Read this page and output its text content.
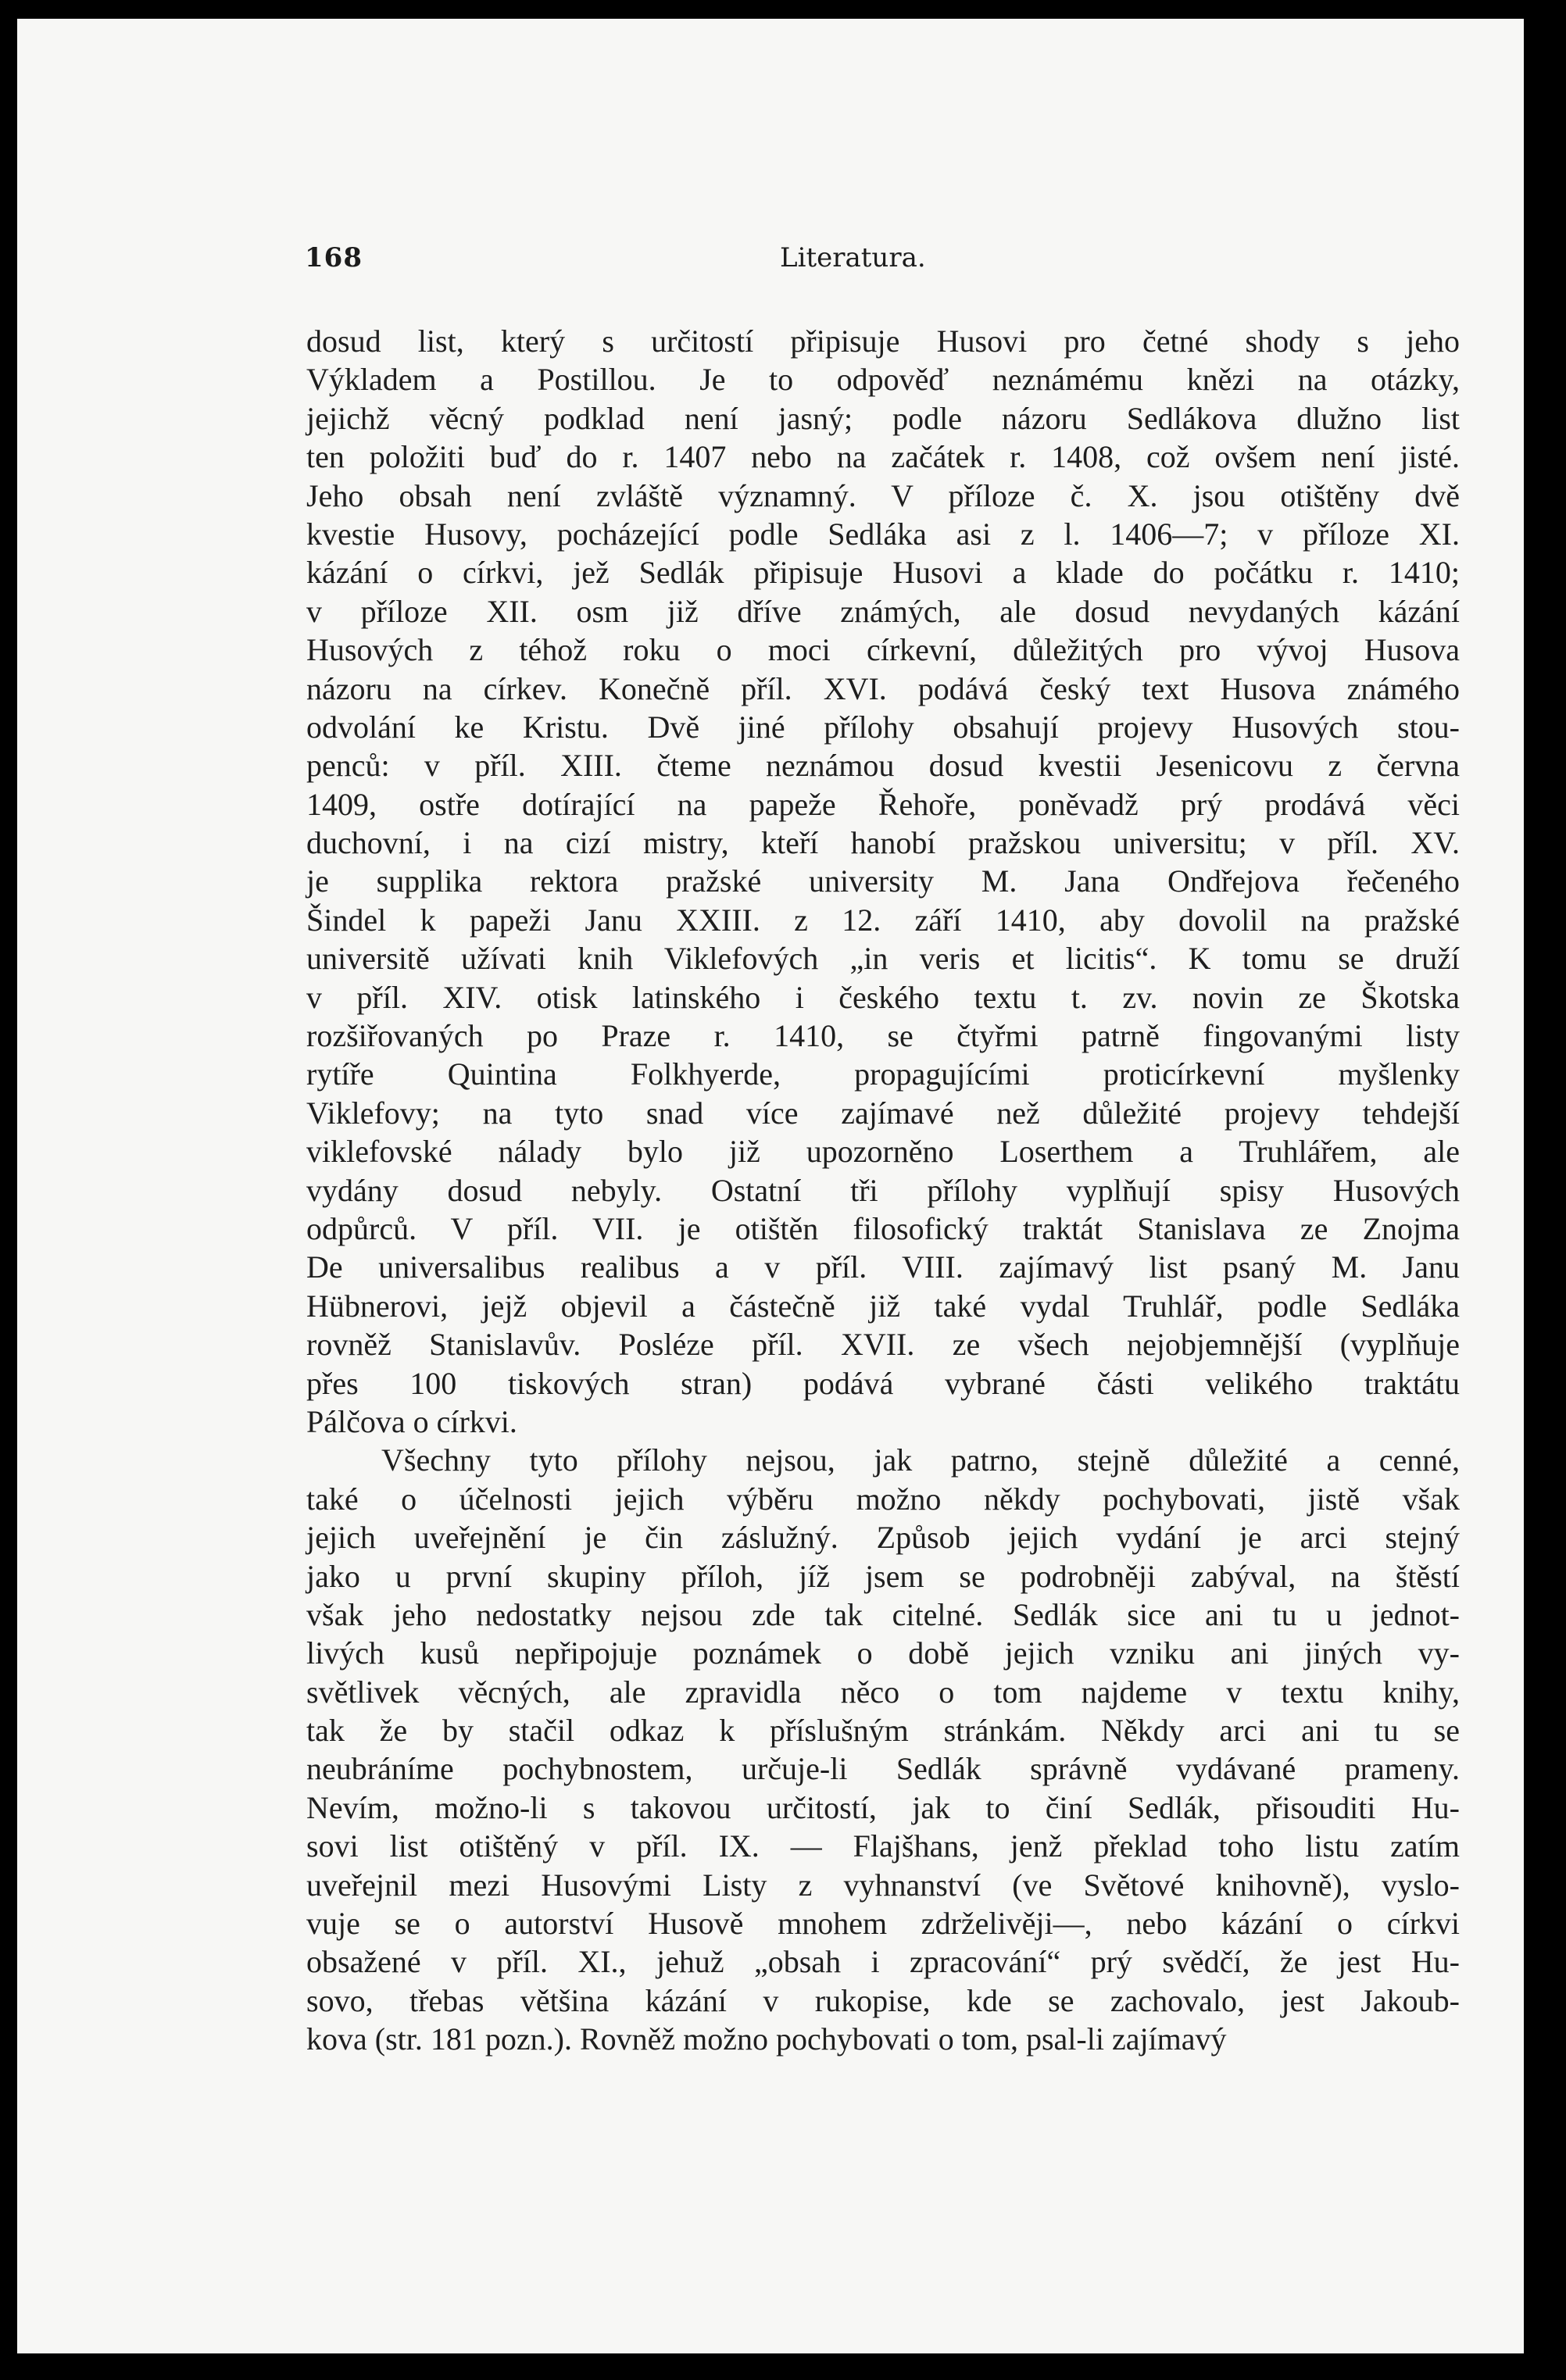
168	Literatura.
dosud list, který s určitostí připisuje Husovi pro četné shody s jeho
Výkladem a Postillou. Je to odpověď neznámému knězi na otázky,
jejichž věcný podklad není jasný; podle názoru Sedlákova dlužno list
ten položiti buď do r. 1407 nebo na začátek r. 1408, což ovšem není jisté.
Jeho obsah není zvláště významný. V příloze č. X. jsou otištěny dvě
kvestie Husovy, pocházející podle Sedláka asi z l. 1406—7; v příloze XI.
kázání o církvi, jež Sedlák připisuje Husovi a klade do počátku r. 1410;
v příloze XII. osm již dříve známých, ale dosud nevydaných kázání
Husových z téhož roku o moci církevní, důležitých pro vývoj Husova
názoru na církev. Konečně příl. XVI. podává český text Husova známého
odvolání ke Kristu. Dvě jiné přílohy obsahují projevy Husových stou-
penců: v příl. XIII. čteme neznámou dosud kvestii Jesenicovu z června
1409, ostře dotírající na papeže Řehoře, poněvadž prý prodává věci
duchovní, i na cizí mistry, kteří hanobí pražskou universitu; v příl. XV.
je supplika rektora pražské university M. Jana Ondřejova řečeného
Šindel k papeži Janu XXIII. z 12. září 1410, aby dovolil na pražské
universitě užívati knih Viklefových „in veris et licitis“. K tomu se druží
v příl. XIV. otisk latinského i českého textu t. zv. novin ze Škotska
rozšiřovaných po Praze r. 1410, se čtyřmi patrně fingovanými listy
rytíře Quintina Folkhyerde, propagujícími proticírkevní myšlenky
Viklefovy; na tyto snad více zajímavé než důležité projevy tehdejší
viklefovské nálady bylo již upozorněno Loserthem a Truhlářem, ale
vydány dosud nebyly. Ostatní tři přílohy vyplňují spisy Husových
odpůrců. V příl. VII. je otištěn filosofický traktát Stanislava ze Znojma
De universalibus realibus a v příl. VIII. zajímavý list psaný M. Janu
Hübnerovi, jejž objevil a částečně již také vydal Truhlář, podle Sedláka
rovněž Stanislavův. Posléze příl. XVII. ze všech nejobjemnější (vyplňuje
přes 100 tiskových stran) podává vybrané části velikého traktátu
Pálčova o církvi.
Všechny tyto přílohy nejsou, jak patrno, stejně důležité a cenné,
také o účelnosti jejich výběru možno někdy pochybovati, jistě však
jejich uveřejnění je čin záslužný. Způsob jejich vydání je arci stejný
jako u první skupiny příloh, jíž jsem se podrobněji zabýval, na štěstí
však jeho nedostatky nejsou zde tak citelné. Sedlák sice ani tu u jednot-
livých kusů nepřipojuje poznámek o době jejich vzniku ani jiných vy-
světlivek věcných, ale zpravidla něco o tom najdeme v textu knihy,
tak že by stačil odkaz k příslušným stránkám. Někdy arci ani tu se
neubráníme pochybnostem, určuje-li Sedlák správně vydávané prameny.
Nevím, možno-li s takovou určitostí, jak to činí Sedlák, přisouditi Hu-
sovi list otištěný v příl. IX. — Flajšhans, jenž překlad toho listu zatím
uveřejnil mezi Husovými Listy z vyhnanství (ve Světové knihovně), vyslo-
vuje se o autorství Husově mnohem zdrželivěji—, nebo kázání o církvi
obsažené v příl. XI., jehuž „obsah i zpracování“ prý svědčí, že jest Hu-
sovo, třebas většina kázání v rukopise, kde se zachovalo, jest Jakoub-
kova (str. 181 pozn.). Rovněž možno pochybovati o tom, psal-li zajímavý
